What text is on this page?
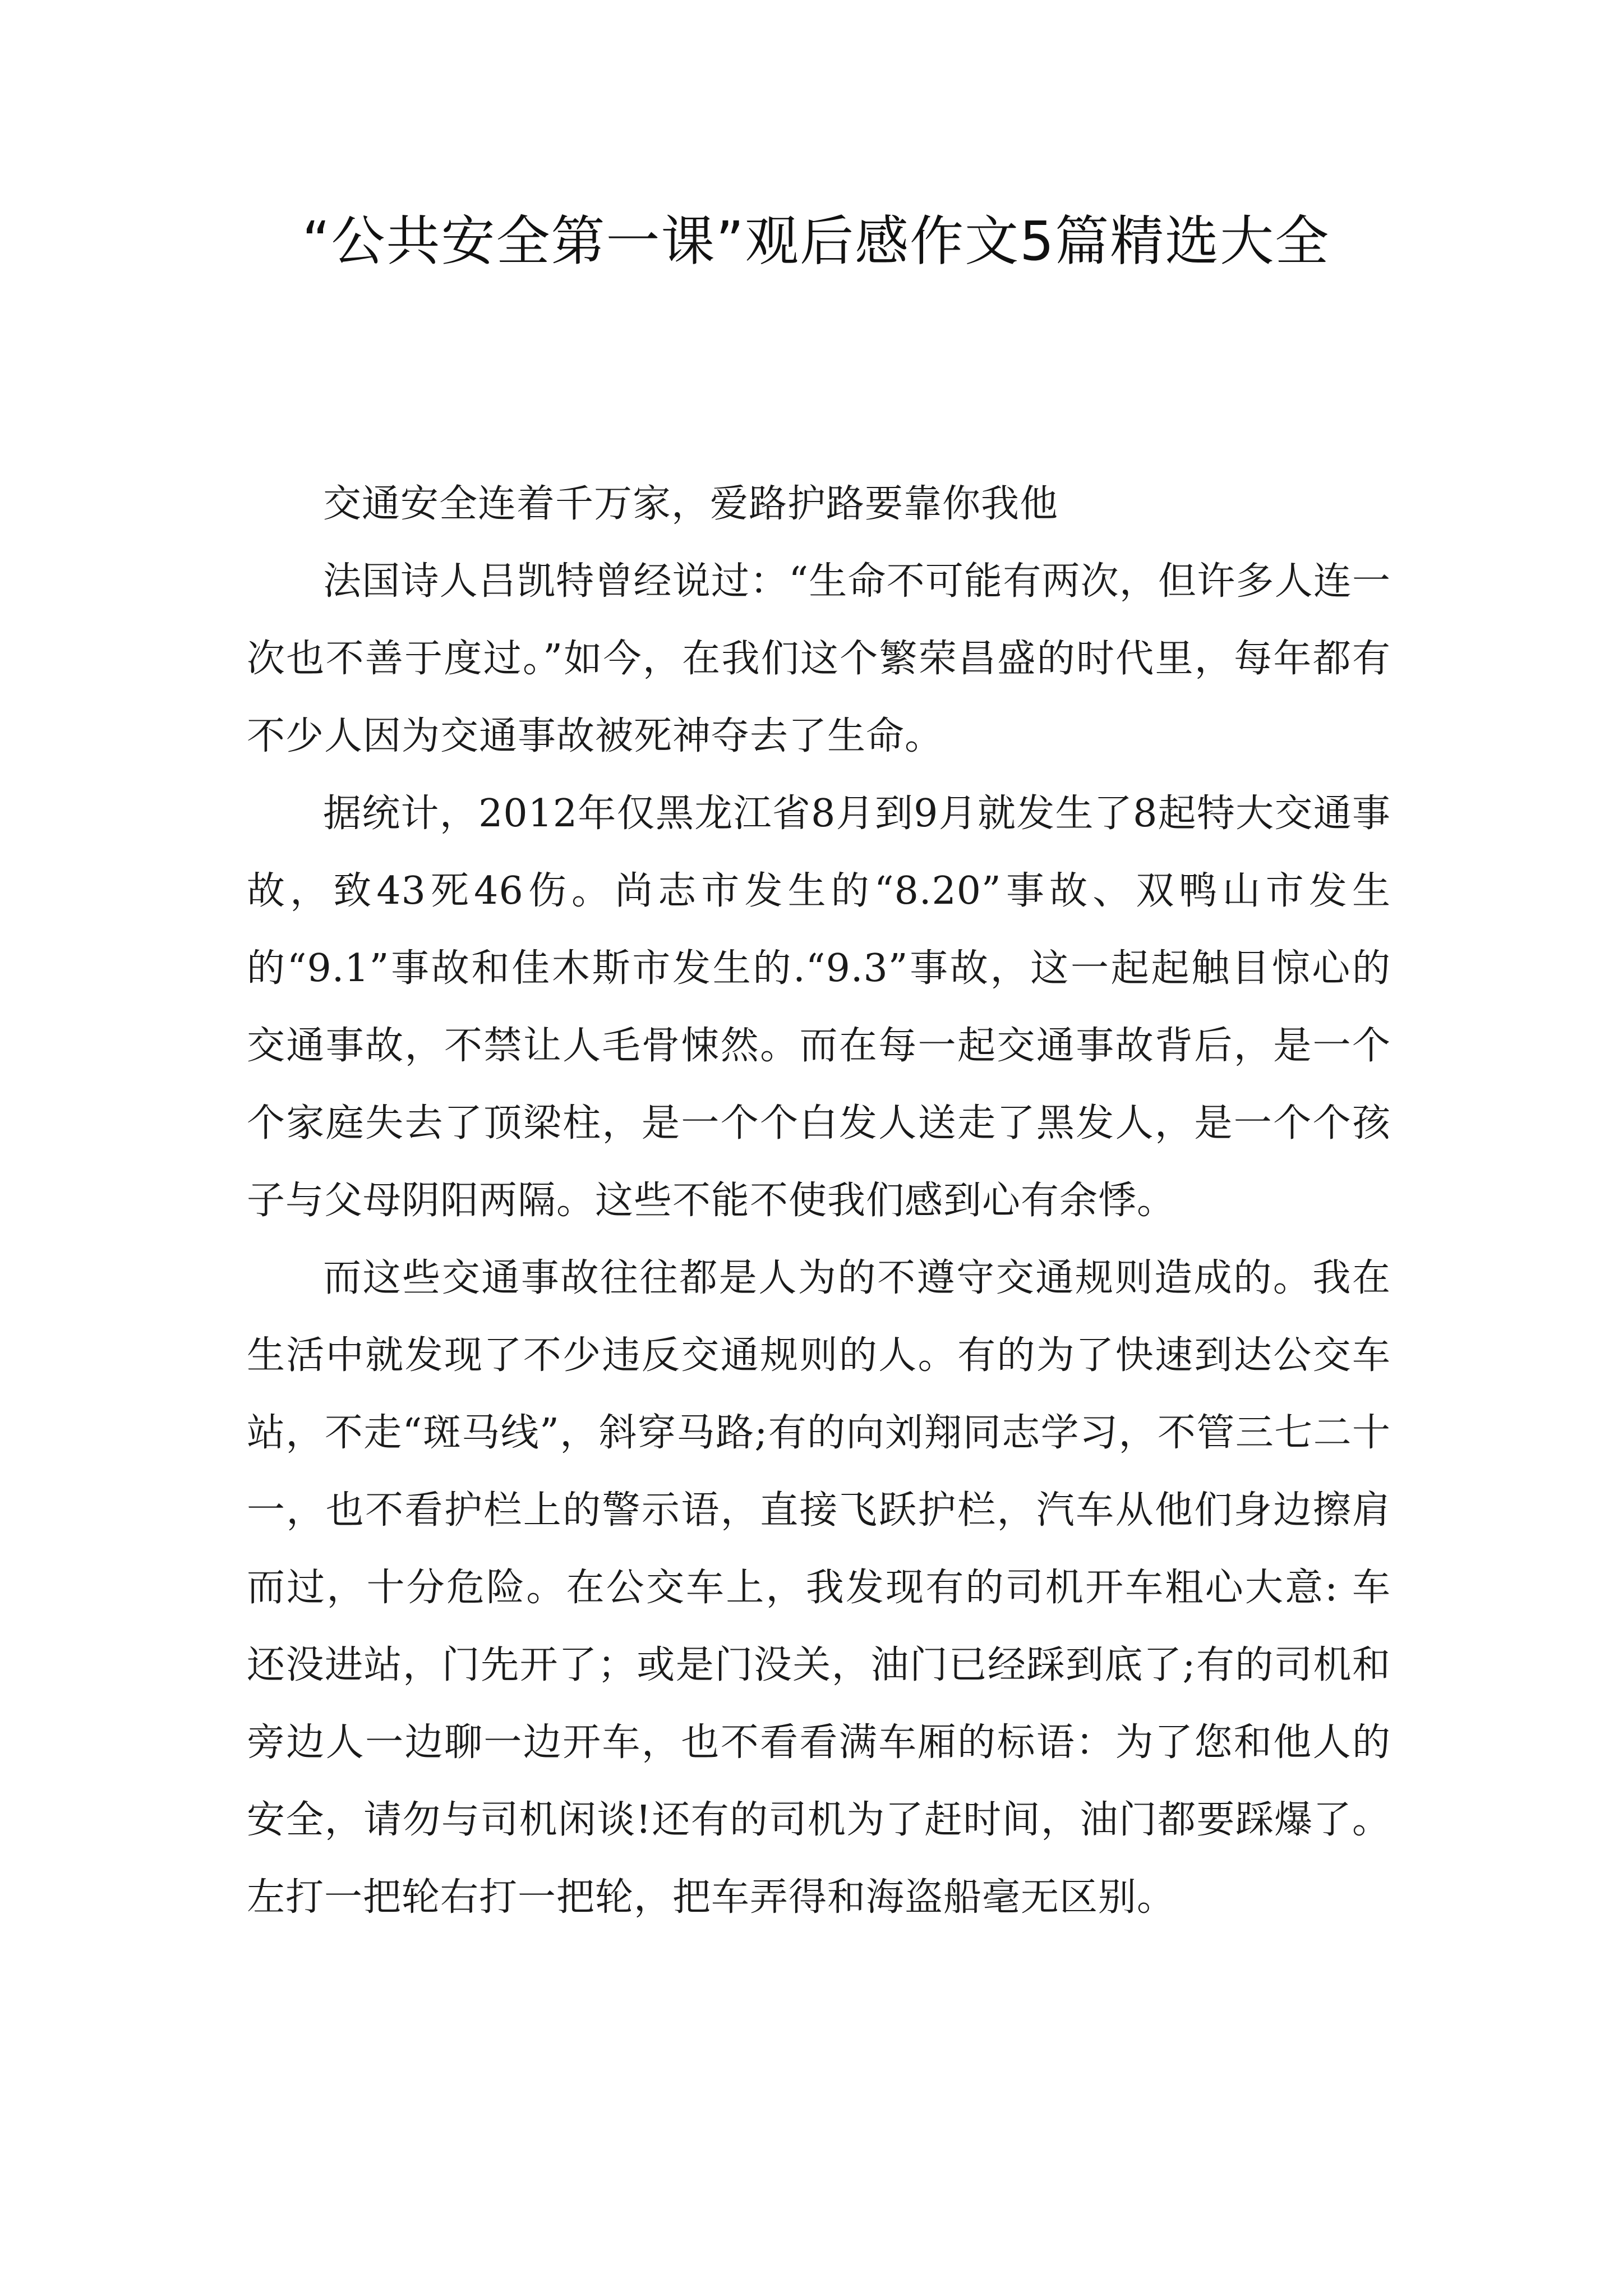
“公共安全第一课”观后感作文5篇精选大全

交通安全连着千万家，爱路护路要靠你我他

法国诗人吕凯特曾经说过：“生命不可能有两次，但许多人连一次也不善于度过。”如今，在我们这个繁荣昌盛的时代里，每年都有不少人因为交通事故被死神夺去了生命。

据统计，2012年仅黑龙江省8月到9月就发生了8起特大交通事故，致43死46伤。尚志市发生的“8.20”事故、双鸭山市发生的“9.1”事故和佳木斯市发生的.“9.3”事故，这一起起触目惊心的交通事故，不禁让人毛骨悚然。而在每一起交通事故背后，是一个个家庭失去了顶梁柱，是一个个白发人送走了黑发人，是一个个孩子与父母阴阳两隔。这些不能不使我们感到心有余悸。

而这些交通事故往往都是人为的不遵守交通规则造成的。我在生活中就发现了不少违反交通规则的人。有的为了快速到达公交车站，不走“斑马线”，斜穿马路;有的向刘翔同志学习，不管三七二十一，也不看护栏上的警示语，直接飞跃护栏，汽车从他们身边擦肩而过，十分危险。在公交车上，我发现有的司机开车粗心大意: 车还没进站，门先开了；或是门没关，油门已经踩到底了;有的司机和旁边人一边聊一边开车，也不看看满车厢的标语：为了您和他人的安全，请勿与司机闲谈!还有的司机为了赶时间，油门都要踩爆了。左打一把轮右打一把轮，把车弄得和海盗船毫无区别。
